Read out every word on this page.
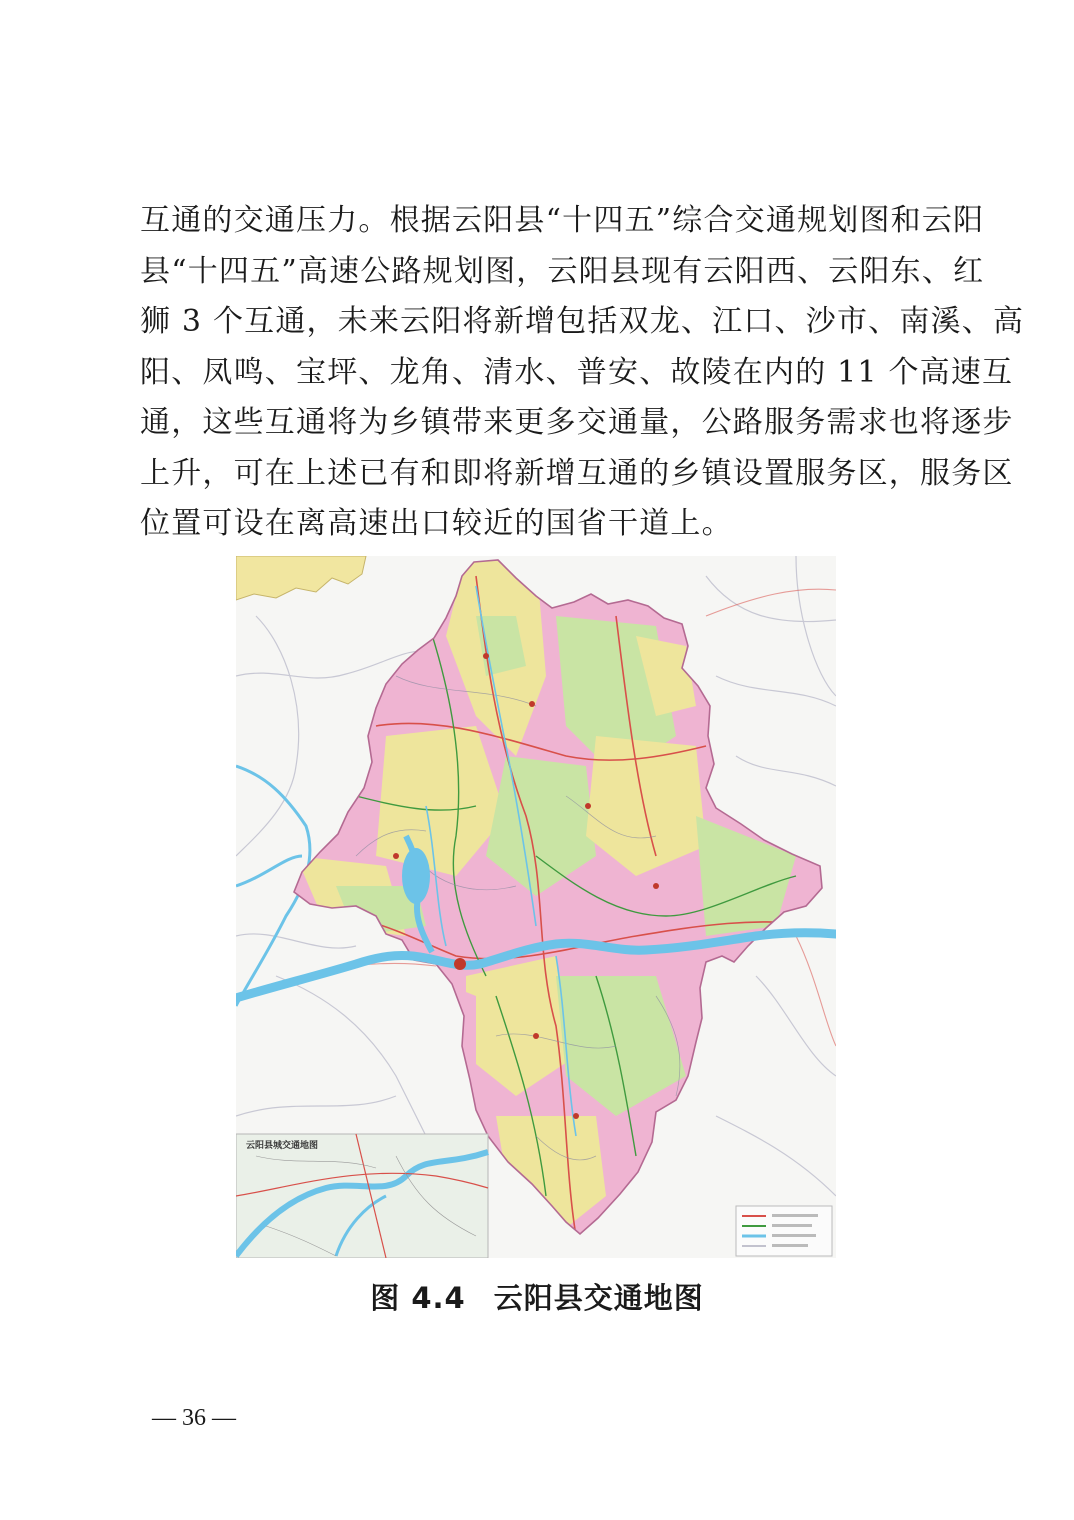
互通的交通压力。根据云阳县“十四五”综合交通规划图和云阳
县“十四五”高速公路规划图，云阳县现有云阳西、云阳东、红
狮 3 个互通，未来云阳将新增包括双龙、江口、沙市、南溪、高
阳、凤鸣、宝坪、龙角、清水、普安、故陵在内的 11 个高速互
通，这些互通将为乡镇带来更多交通量，公路服务需求也将逐步
上升，可在上述已有和即将新增互通的乡镇设置服务区，服务区
位置可设在离高速出口较近的国省干道上。

云阳县城交通地图
图 4.4 云阳县交通地图
— 36 —
